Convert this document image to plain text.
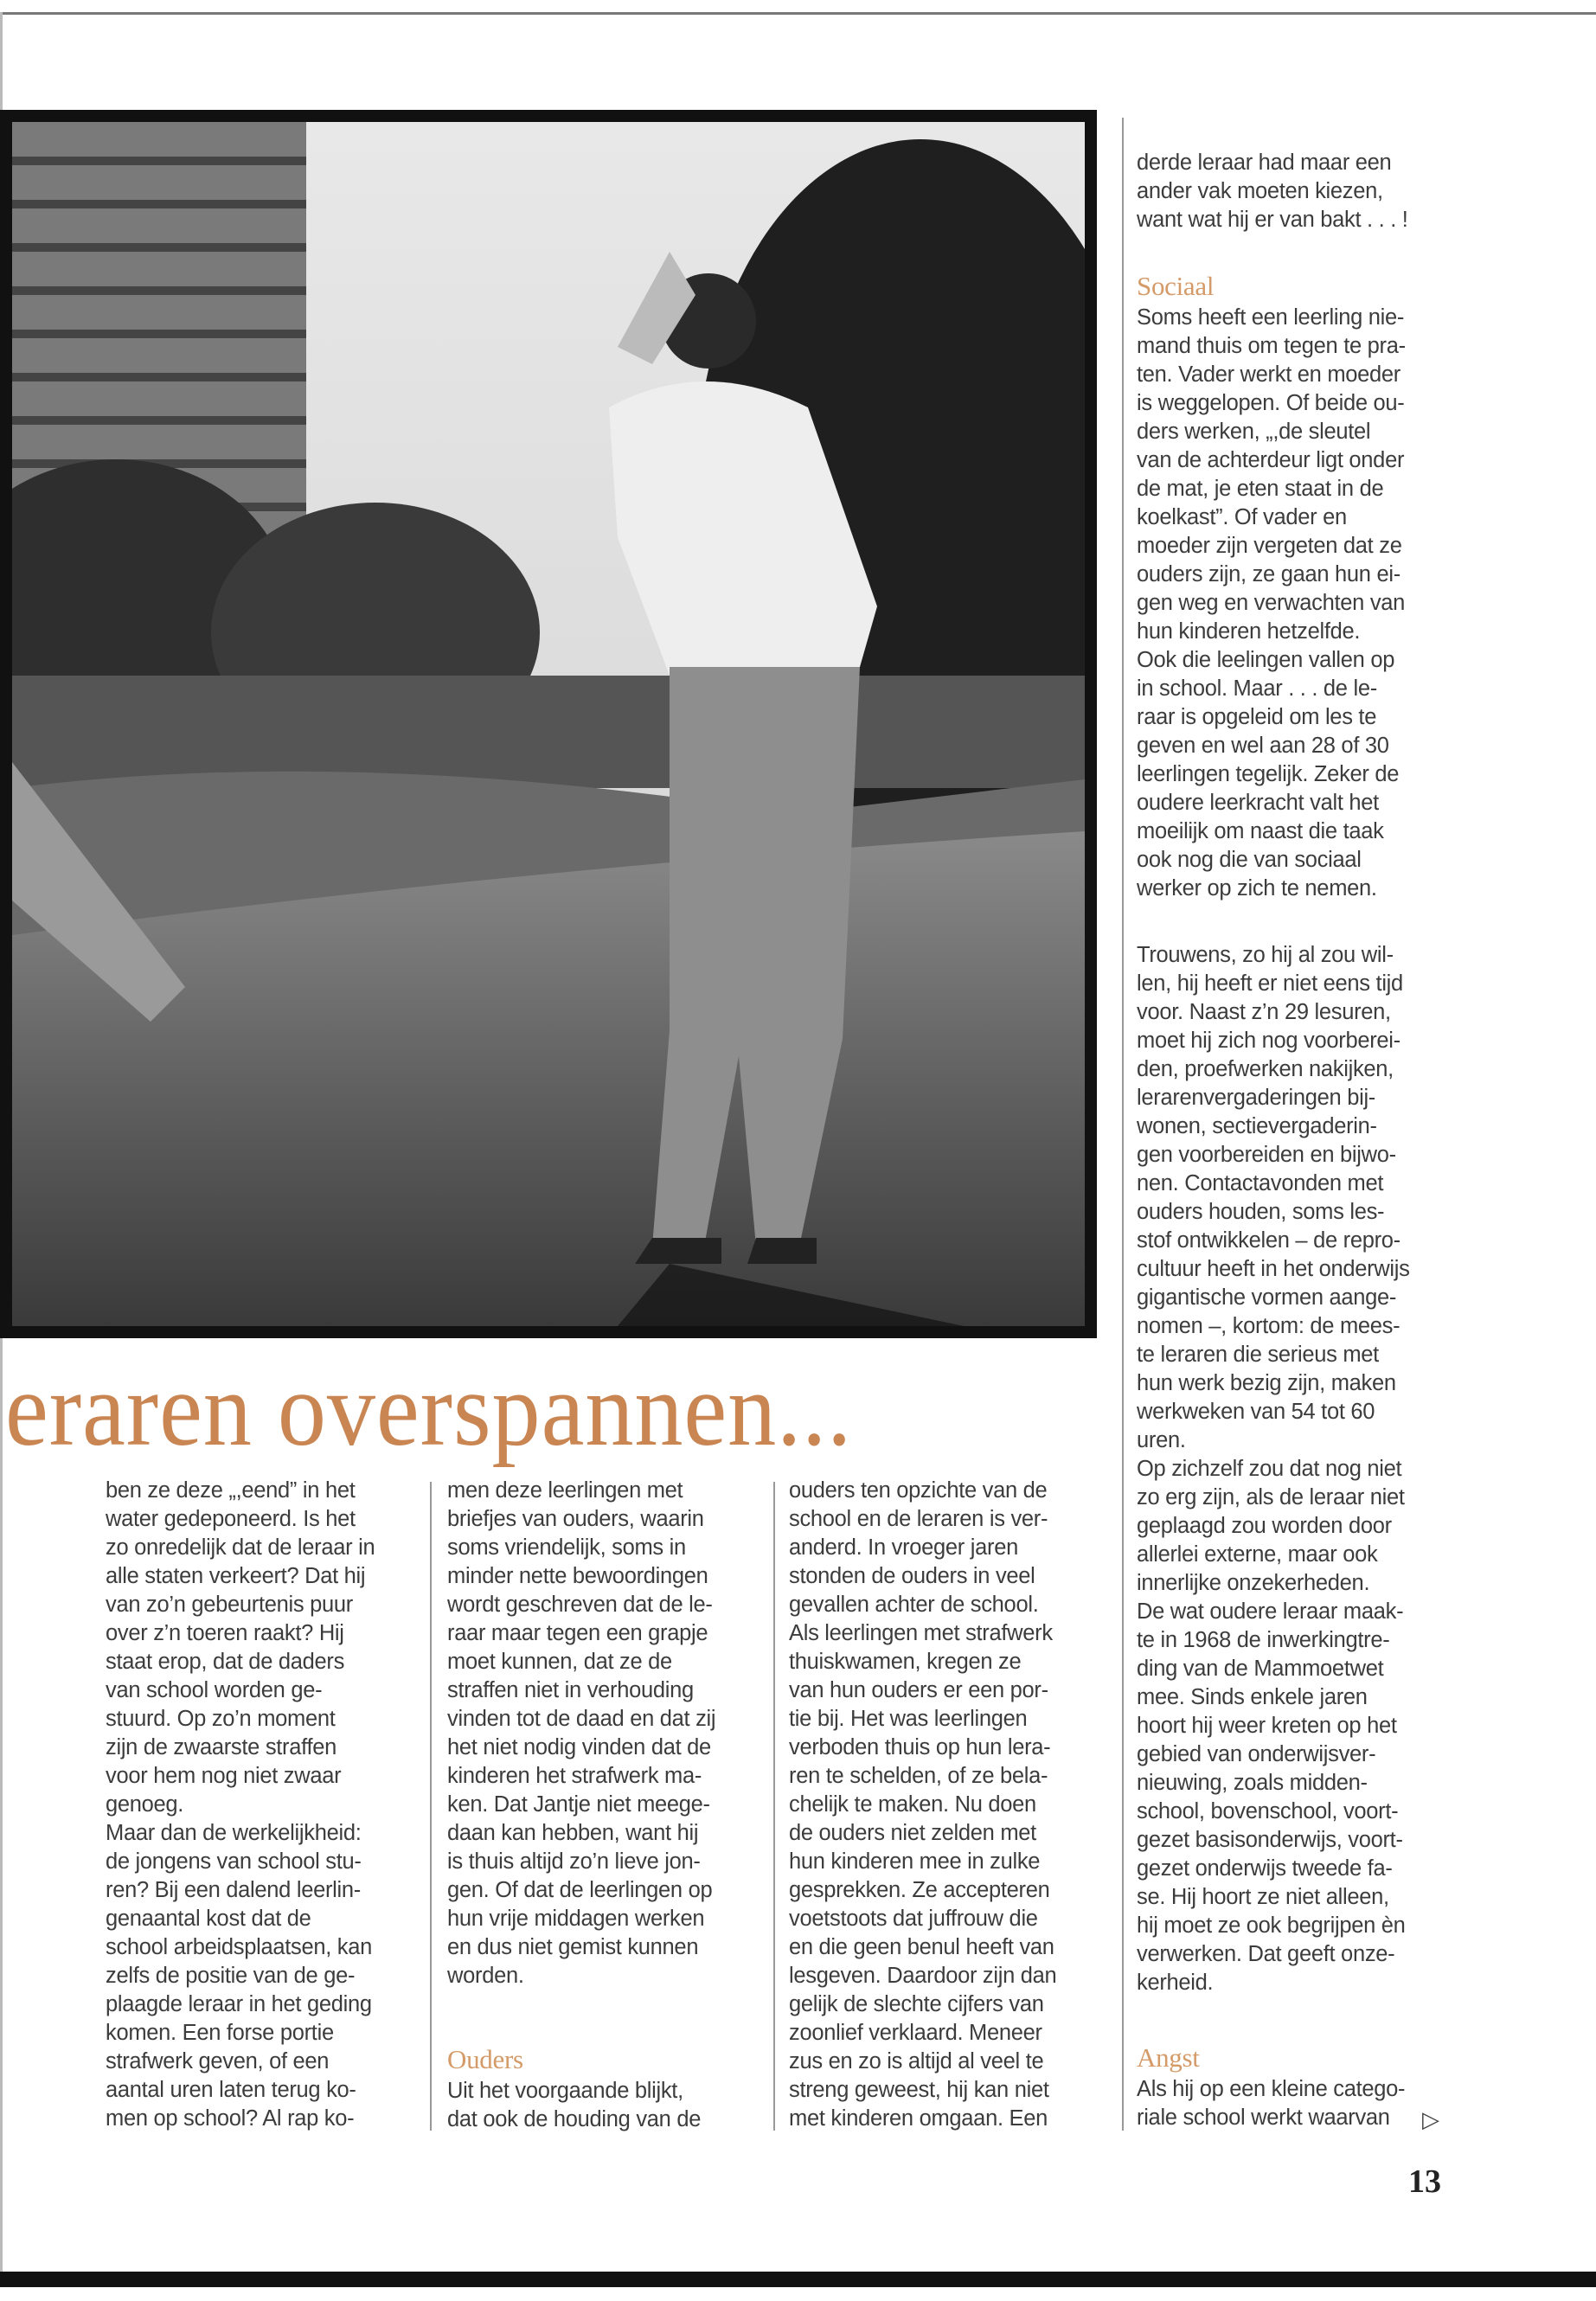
eraren overspannen...
ben ze deze „,eend” in het
water gedeponeerd. Is het
zo onredelijk dat de leraar in
alle staten verkeert? Dat hij
van zo’n gebeurtenis puur
over z’n toeren raakt? Hij
staat erop, dat de daders
van school worden ge-
stuurd. Op zo’n moment
zijn de zwaarste straffen
voor hem nog niet zwaar
genoeg.
Maar dan de werkelijkheid:
de jongens van school stu-
ren? Bij een dalend leerlin-
genaantal kost dat de
school arbeidsplaatsen, kan
zelfs de positie van de ge-
plaagde leraar in het geding
komen. Een forse portie
strafwerk geven, of een
aantal uren laten terug ko-
men op school? Al rap ko-
men deze leerlingen met
briefjes van ouders, waarin
soms vriendelijk, soms in
minder nette bewoordingen
wordt geschreven dat de le-
raar maar tegen een grapje
moet kunnen, dat ze de
straffen niet in verhouding
vinden tot de daad en dat zij
het niet nodig vinden dat de
kinderen het strafwerk ma-
ken. Dat Jantje niet meege-
daan kan hebben, want hij
is thuis altijd zo’n lieve jon-
gen. Of dat de leerlingen op
hun vrije middagen werken
en dus niet gemist kunnen
worden.
Ouders
Uit het voorgaande blijkt,
dat ook de houding van de
ouders ten opzichte van de
school en de leraren is ver-
anderd. In vroeger jaren
stonden de ouders in veel
gevallen achter de school.
Als leerlingen met strafwerk
thuiskwamen, kregen ze
van hun ouders er een por-
tie bij. Het was leerlingen
verboden thuis op hun lera-
ren te schelden, of ze bela-
chelijk te maken. Nu doen
de ouders niet zelden met
hun kinderen mee in zulke
gesprekken. Ze accepteren
voetstoots dat juffrouw die
en die geen benul heeft van
lesgeven. Daardoor zijn dan
gelijk de slechte cijfers van
zoonlief verklaard. Meneer
zus en zo is altijd al veel te
streng geweest, hij kan niet
met kinderen omgaan. Een
derde leraar had maar een
ander vak moeten kiezen,
want wat hij er van bakt . . . !
Sociaal
Soms heeft een leerling nie-
mand thuis om tegen te pra-
ten. Vader werkt en moeder
is weggelopen. Of beide ou-
ders werken, „,de sleutel
van de achterdeur ligt onder
de mat, je eten staat in de
koelkast”. Of vader en
moeder zijn vergeten dat ze
ouders zijn, ze gaan hun ei-
gen weg en verwachten van
hun kinderen hetzelfde.
Ook die leelingen vallen op
in school. Maar . . . de le-
raar is opgeleid om les te
geven en wel aan 28 of 30
leerlingen tegelijk. Zeker de
oudere leerkracht valt het
moeilijk om naast die taak
ook nog die van sociaal
werker op zich te nemen.
Trouwens, zo hij al zou wil-
len, hij heeft er niet eens tijd
voor. Naast z’n 29 lesuren,
moet hij zich nog voorberei-
den, proefwerken nakijken,
lerarenvergaderingen bij-
wonen, sectievergaderin-
gen voorbereiden en bijwo-
nen. Contactavonden met
ouders houden, soms les-
stof ontwikkelen – de repro-
cultuur heeft in het onderwijs
gigantische vormen aange-
nomen –, kortom: de mees-
te leraren die serieus met
hun werk bezig zijn, maken
werkweken van 54 tot 60
uren.
Op zichzelf zou dat nog niet
zo erg zijn, als de leraar niet
geplaagd zou worden door
allerlei externe, maar ook
innerlijke onzekerheden.
De wat oudere leraar maak-
te in 1968 de inwerkingtre-
ding van de Mammoetwet
mee. Sinds enkele jaren
hoort hij weer kreten op het
gebied van onderwijsver-
nieuwing, zoals midden-
school, bovenschool, voort-
gezet basisonderwijs, voort-
gezet onderwijs tweede fa-
se. Hij hoort ze niet alleen,
hij moet ze ook begrijpen èn
verwerken. Dat geeft onze-
kerheid.
Angst
Als hij op een kleine catego-
riale school werkt waarvan	▷
13
